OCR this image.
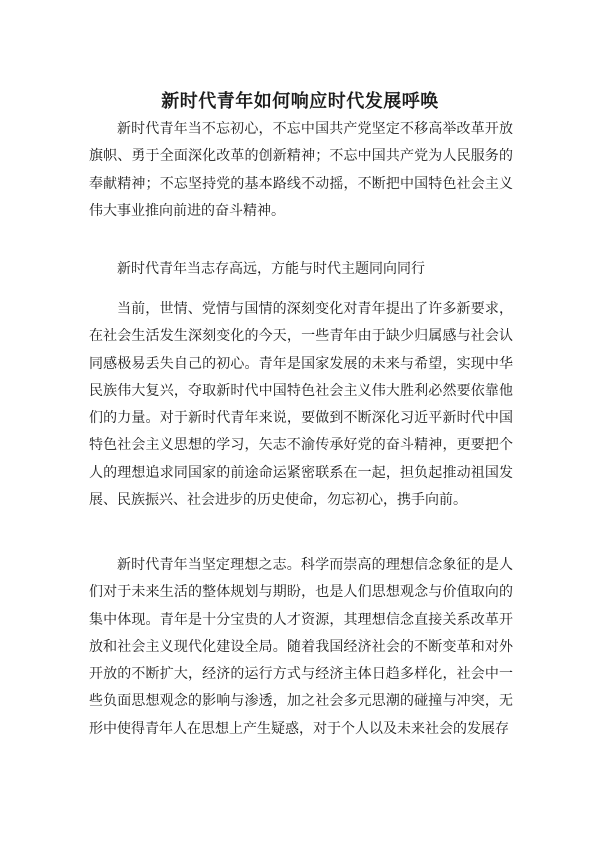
新时代青年如何响应时代发展呼唤

新时代青年当不忘初心，不忘中国共产党坚定不移高举改革开放旗帜、勇于全面深化改革的创新精神；不忘中国共产党为人民服务的奉献精神；不忘坚持党的基本路线不动摇，不断把中国特色社会主义伟大事业推向前进的奋斗精神。

新时代青年当志存高远，方能与时代主题同向同行

当前，世情、党情与国情的深刻变化对青年提出了许多新要求，在社会生活发生深刻变化的今天，一些青年由于缺少归属感与社会认同感极易丢失自己的初心。青年是国家发展的未来与希望，实现中华民族伟大复兴，夺取新时代中国特色社会主义伟大胜利必然要依靠他们的力量。对于新时代青年来说，要做到不断深化习近平新时代中国特色社会主义思想的学习，矢志不渝传承好党的奋斗精神，更要把个人的理想追求同国家的前途命运紧密联系在一起，担负起推动祖国发展、民族振兴、社会进步的历史使命，勿忘初心，携手向前。

新时代青年当坚定理想之志。科学而崇高的理想信念象征的是人们对于未来生活的整体规划与期盼，也是人们思想观念与价值取向的集中体现。青年是十分宝贵的人才资源，其理想信念直接关系改革开放和社会主义现代化建设全局。随着我国经济社会的不断变革和对外开放的不断扩大，经济的运行方式与经济主体日趋多样化，社会中一些负面思想观念的影响与渗透，加之社会多元思潮的碰撞与冲突，无形中使得青年人在思想上产生疑惑，对于个人以及未来社会的发展存
